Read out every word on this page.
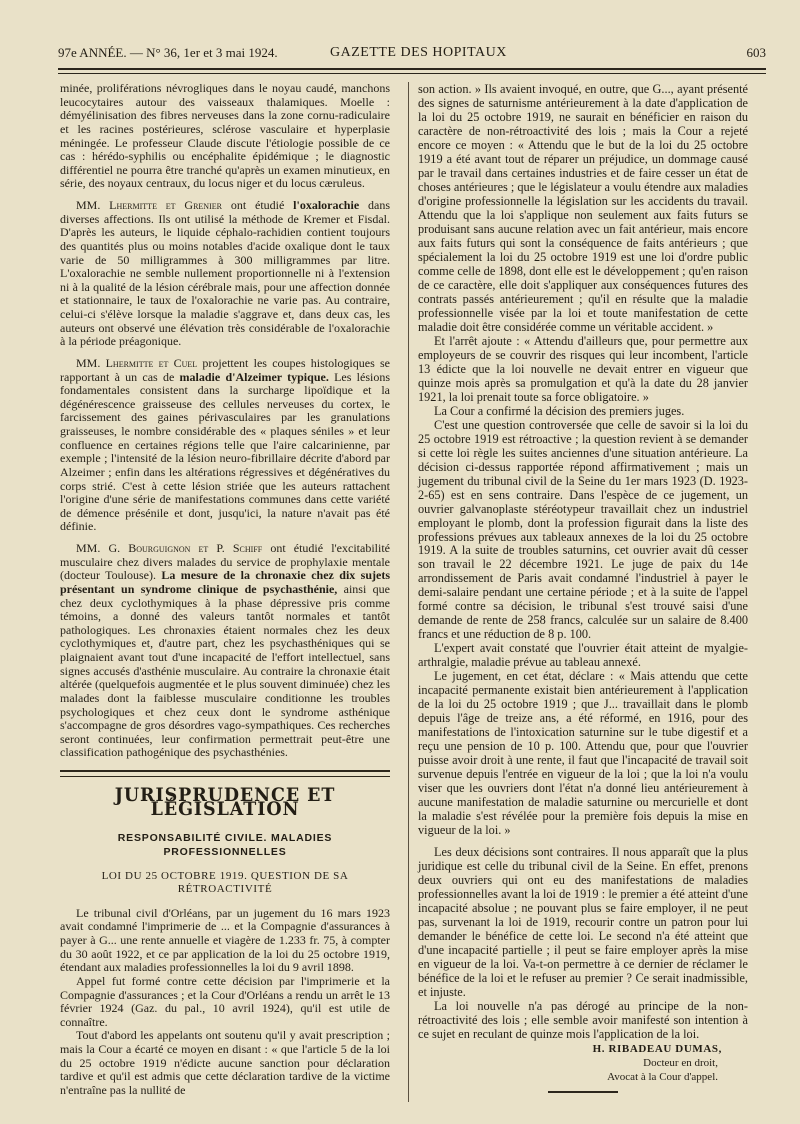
97e ANNÉE. — N° 36, 1er et 3 mai 1924.	GAZETTE DES HOPITAUX	603

minée, proliférations névrogliques dans le noyau caudé, manchons leucocytaires autour des vaisseaux thalamiques. Moelle : démyélinisation des fibres nerveuses dans la zone cornu-radiculaire et les racines postérieures, sclérose vasculaire et hyperplasie méningée. Le professeur Claude discute l'étiologie possible de ce cas : hérédo-syphilis ou encéphalite épidémique ; le diagnostic différentiel ne pourra être tranché qu'après un examen minutieux, en série, des noyaux centraux, du locus niger et du locus cæruleus.

MM. Lhermitte et Grenier ont étudié l'oxalorachie dans diverses affections. Ils ont utilisé la méthode de Kremer et Fisdal. D'après les auteurs, le liquide céphalo-rachidien contient toujours des quantités plus ou moins notables d'acide oxalique dont le taux varie de 50 milligrammes à 300 milligrammes par litre. L'oxalorachie ne semble nullement proportionnelle ni à l'extension ni à la qualité de la lésion cérébrale mais, pour une affection donnée et stationnaire, le taux de l'oxalorachie ne varie pas. Au contraire, celui-ci s'élève lorsque la maladie s'aggrave et, dans deux cas, les auteurs ont observé une élévation très considérable de l'oxalorachie à la période préagonique.

MM. Lhermitte et Cuel projettent les coupes histologiques se rapportant à un cas de maladie d'Alzeimer typique. Les lésions fondamentales consistent dans la surcharge lipoïdique et la dégénérescence graisseuse des cellules nerveuses du cortex, le farcissement des gaines périvasculaires par les granulations graisseuses, le nombre considérable des « plaques séniles » et leur confluence en certaines régions telle que l'aire calcarinienne, par exemple ; l'intensité de la lésion neuro-fibrillaire décrite d'abord par Alzeimer ; enfin dans les altérations régressives et dégénératives du corps strié. C'est à cette lésion striée que les auteurs rattachent l'origine d'une série de manifestations communes dans cette variété de démence présénile et dont, jusqu'ici, la nature n'avait pas été définie.

MM. G. Bourguignon et P. Schiff ont étudié l'excitabilité musculaire chez divers malades du service de prophylaxie mentale (docteur Toulouse). La mesure de la chronaxie chez dix sujets présentant un syndrome clinique de psychasthénie, ainsi que chez deux cyclothymiques à la phase dépressive pris comme témoins, a donné des valeurs tantôt normales et tantôt pathologiques. Les chronaxies étaient normales chez les deux cyclothymiques et, d'autre part, chez les psychasthéniques qui se plaignaient avant tout d'une incapacité de l'effort intellectuel, sans signes accusés d'asthénie musculaire. Au contraire la chronaxie était altérée (quelquefois augmentée et le plus souvent diminuée) chez les malades dont la faiblesse musculaire conditionne les troubles psychologiques et chez ceux dont le syndrome asthénique s'accompagne de gros désordres vago-sympathiques. Ces recherches seront continuées, leur confirmation permettrait peut-être une classification pathogénique des psychasthénies.

JURISPRUDENCE ET LÉGISLATION
RESPONSABILITÉ CIVILE. MALADIES PROFESSIONNELLES
LOI DU 25 OCTOBRE 1919. QUESTION DE SA RÉTROACTIVITÉ

Le tribunal civil d'Orléans, par un jugement du 16 mars 1923 avait condamné l'imprimerie de ... et la Compagnie d'assurances à payer à G... une rente annuelle et viagère de 1.233 fr. 75, à compter du 30 août 1922, et ce par application de la loi du 25 octobre 1919, étendant aux maladies professionnelles la loi du 9 avril 1898.

Appel fut formé contre cette décision par l'imprimerie et la Compagnie d'assurances ; et la Cour d'Orléans a rendu un arrêt le 13 février 1924 (Gaz. du pal., 10 avril 1924), qu'il est utile de connaître.

Tout d'abord les appelants ont soutenu qu'il y avait prescription ; mais la Cour a écarté ce moyen en disant : « que l'article 5 de la loi du 25 octobre 1919 n'édicte aucune sanction pour déclaration tardive et qu'il est admis que cette déclaration tardive de la victime n'entraîne pas la nullité de

son action. » Ils avaient invoqué, en outre, que G..., ayant présenté des signes de saturnisme antérieurement à la date d'application de la loi du 25 octobre 1919, ne saurait en bénéficier en raison du caractère de non-rétroactivité des lois ; mais la Cour a rejeté encore ce moyen : « Attendu que le but de la loi du 25 octobre 1919 a été avant tout de réparer un préjudice, un dommage causé par le travail dans certaines industries et de faire cesser un état de choses antérieures ; que le législateur a voulu étendre aux maladies d'origine professionnelle la législation sur les accidents du travail. Attendu que la loi s'applique non seulement aux faits futurs se produisant sans aucune relation avec un fait antérieur, mais encore aux faits futurs qui sont la conséquence de faits antérieurs ; que spécialement la loi du 25 octobre 1919 est une loi d'ordre public comme celle de 1898, dont elle est le développement ; qu'en raison de ce caractère, elle doit s'appliquer aux conséquences futures des contrats passés antérieurement ; qu'il en résulte que la maladie professionnelle visée par la loi et toute manifestation de cette maladie doit être considérée comme un véritable accident. »

Et l'arrêt ajoute : « Attendu d'ailleurs que, pour permettre aux employeurs de se couvrir des risques qui leur incombent, l'article 13 édicte que la loi nouvelle ne devait entrer en vigueur que quinze mois après sa promulgation et qu'à la date du 28 janvier 1921, la loi prenait toute sa force obligatoire. »

La Cour a confirmé la décision des premiers juges.

C'est une question controversée que celle de savoir si la loi du 25 octobre 1919 est rétroactive ; la question revient à se demander si cette loi règle les suites anciennes d'une situation antérieure. La décision ci-dessus rapportée répond affirmativement ; mais un jugement du tribunal civil de la Seine du 1er mars 1923 (D. 1923-2-65) est en sens contraire. Dans l'espèce de ce jugement, un ouvrier galvanoplaste stéréotypeur travaillait chez un industriel employant le plomb, dont la profession figurait dans la liste des professions prévues aux tableaux annexes de la loi du 25 octobre 1919. A la suite de troubles saturnins, cet ouvrier avait dû cesser son travail le 22 décembre 1921. Le juge de paix du 14e arrondissement de Paris avait condamné l'industriel à payer le demi-salaire pendant une certaine période ; et à la suite de l'appel formé contre sa décision, le tribunal s'est trouvé saisi d'une demande de rente de 258 francs, calculée sur un salaire de 8.400 francs et une réduction de 8 p. 100.

L'expert avait constaté que l'ouvrier était atteint de myalgie-arthralgie, maladie prévue au tableau annexé.

Le jugement, en cet état, déclare : « Mais attendu que cette incapacité permanente existait bien antérieurement à l'application de la loi du 25 octobre 1919 ; que J... travaillait dans le plomb depuis l'âge de treize ans, a été réformé, en 1916, pour des manifestations de l'intoxication saturnine sur le tube digestif et a reçu une pension de 10 p. 100. Attendu que, pour que l'ouvrier puisse avoir droit à une rente, il faut que l'incapacité de travail soit survenue depuis l'entrée en vigueur de la loi ; que la loi n'a voulu viser que les ouvriers dont l'état n'a donné lieu antérieurement à aucune manifestation de maladie saturnine ou mercurielle et dont la maladie s'est révélée pour la première fois depuis la mise en vigueur de la loi. »

Les deux décisions sont contraires. Il nous apparaît que la plus juridique est celle du tribunal civil de la Seine. En effet, prenons deux ouvriers qui ont eu des manifestations de maladies professionnelles avant la loi de 1919 : le premier a été atteint d'une incapacité absolue ; ne pouvant plus se faire employer, il ne peut pas, survenant la loi de 1919, recourir contre un patron pour lui demander le bénéfice de cette loi. Le second n'a été atteint que d'une incapacité partielle ; il peut se faire employer après la mise en vigueur de la loi. Va-t-on permettre à ce dernier de réclamer le bénéfice de la loi et le refuser au premier ? Ce serait inadmissible, et injuste.

La loi nouvelle n'a pas dérogé au principe de la non-rétroactivité des lois ; elle semble avoir manifesté son intention à ce sujet en reculant de quinze mois l'application de la loi.

H. RIBADEAU DUMAS,
Docteur en droit,
Avocat à la Cour d'appel.
